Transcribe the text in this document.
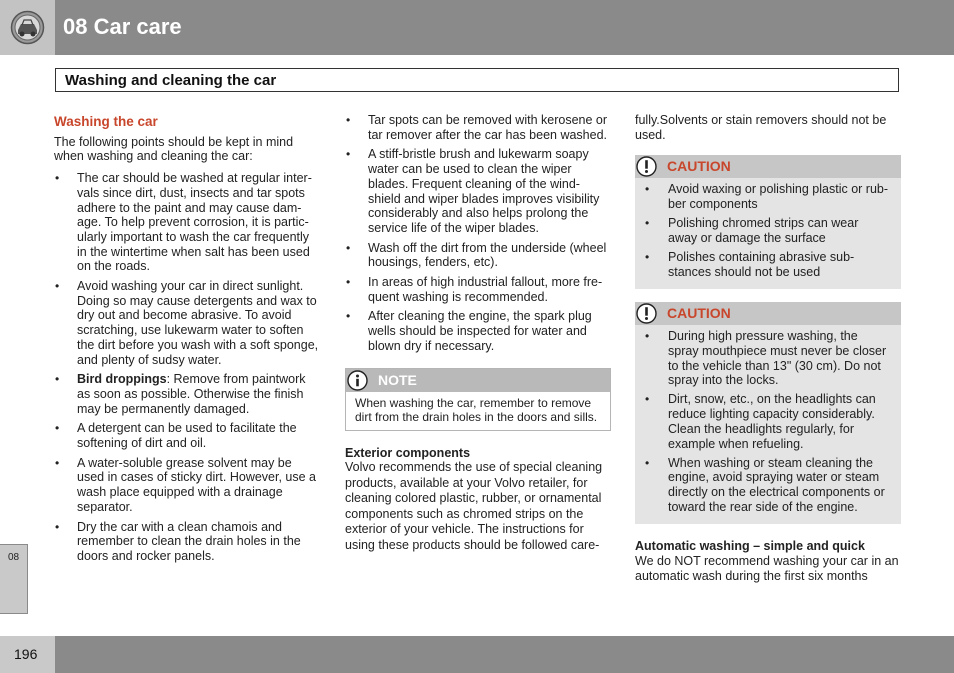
08 Car care
Washing and cleaning the car
Washing the car

The following points should be kept in mind when washing and cleaning the car:

• The car should be washed at regular inter-vals since dirt, dust, insects and tar spots adhere to the paint and may cause dam-age. To help prevent corrosion, it is partic-ularly important to wash the car frequently in the wintertime when salt has been used on the roads.
• Avoid washing your car in direct sunlight. Doing so may cause detergents and wax to dry out and become abrasive. To avoid scratching, use lukewarm water to soften the dirt before you wash with a soft sponge, and plenty of sudsy water.
• Bird droppings: Remove from paintwork as soon as possible. Otherwise the finish may be permanently damaged.
• A detergent can be used to facilitate the softening of dirt and oil.
• A water-soluble grease solvent may be used in cases of sticky dirt. However, use a wash place equipped with a drainage separator.
• Dry the car with a clean chamois and remember to clean the drain holes in the doors and rocker panels.
• Tar spots can be removed with kerosene or tar remover after the car has been washed.
• A stiff-bristle brush and lukewarm soapy water can be used to clean the wiper blades. Frequent cleaning of the wind-shield and wiper blades improves visibility considerably and also helps prolong the service life of the wiper blades.
• Wash off the dirt from the underside (wheel housings, fenders, etc).
• In areas of high industrial fallout, more fre-quent washing is recommended.
• After cleaning the engine, the spark plug wells should be inspected for water and blown dry if necessary.
NOTE
When washing the car, remember to remove dirt from the drain holes in the doors and sills.
Exterior components

Volvo recommends the use of special cleaning products, available at your Volvo retailer, for cleaning colored plastic, rubber, or ornamental components such as chromed strips on the exterior of your vehicle. The instructions for using these products should be followed care-

fully.Solvents or stain removers should not be used.

CAUTION
• Avoid waxing or polishing plastic or rub-ber components
• Polishing chromed strips can wear away or damage the surface
• Polishes containing abrasive sub-stances should not be used
CAUTION
• During high pressure washing, the spray mouthpiece must never be closer to the vehicle than 13" (30 cm). Do not spray into the locks.
• Dirt, snow, etc., on the headlights can reduce lighting capacity considerably. Clean the headlights regularly, for example when refueling.
• When washing or steam cleaning the engine, avoid spraying water or steam directly on the electrical components or toward the rear side of the engine.
Automatic washing – simple and quick

We do NOT recommend washing your car in an automatic wash during the first six months

08
196
